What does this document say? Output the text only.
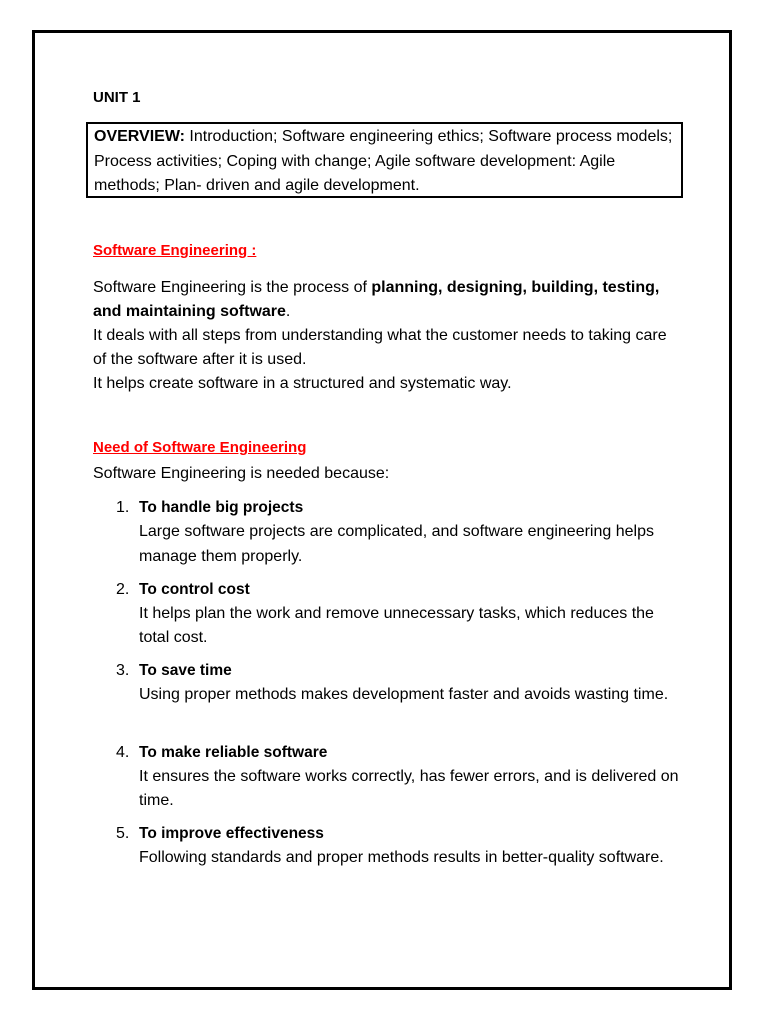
UNIT 1
OVERVIEW: Introduction; Software engineering ethics; Software process models; Process activities; Coping with change; Agile software development: Agile methods; Plan- driven and agile development.
Software Engineering :
Software Engineering is the process of planning, designing, building, testing, and maintaining software.
It deals with all steps from understanding what the customer needs to taking care of the software after it is used.
It helps create software in a structured and systematic way.
Need of Software Engineering
Software Engineering is needed because:
1. To handle big projects
Large software projects are complicated, and software engineering helps manage them properly.
2. To control cost
It helps plan the work and remove unnecessary tasks, which reduces the total cost.
3. To save time
Using proper methods makes development faster and avoids wasting time.
4. To make reliable software
It ensures the software works correctly, has fewer errors, and is delivered on time.
5. To improve effectiveness
Following standards and proper methods results in better-quality software.
